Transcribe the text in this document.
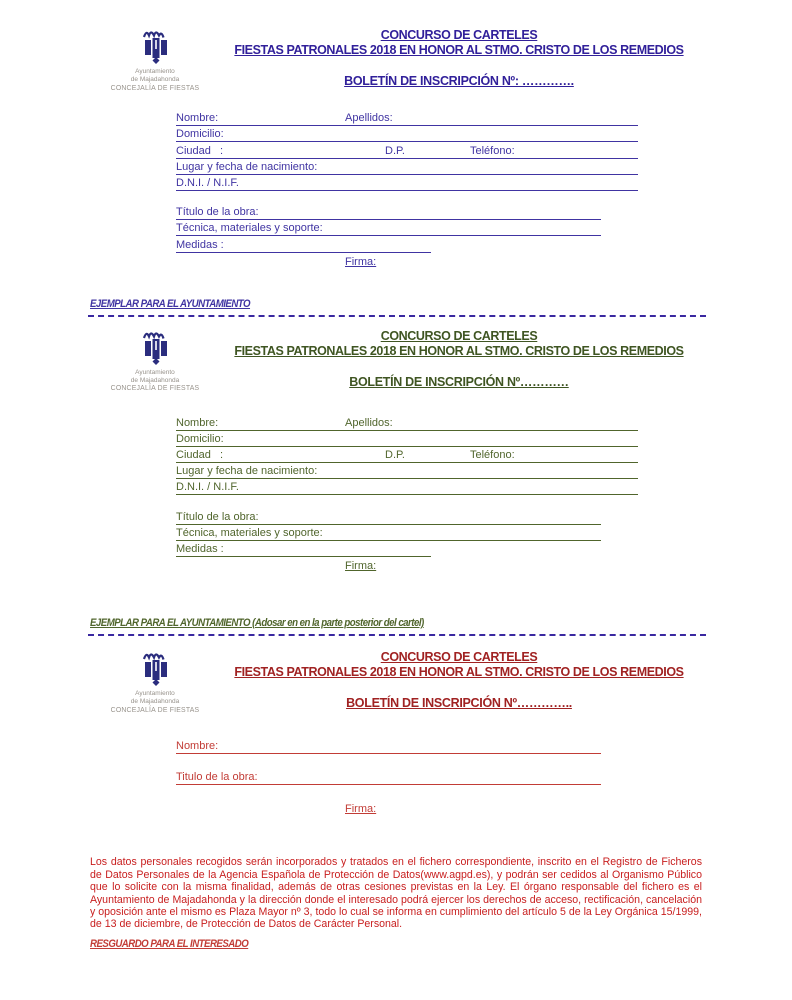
Ayuntamiento
de Majadahonda
CONCEJALÍA DE FIESTAS
CONCURSO DE CARTELES
FIESTAS PATRONALES 2018 EN HONOR AL STMO. CRISTO DE LOS REMEDIOS
BOLETÍN DE INSCRIPCIÓN Nº: ………….
Nombre:	Apellidos:
Domicilio:
Ciudad   :	D.P.	Teléfono:
Lugar y fecha de nacimiento:
D.N.I. / N.I.F.
Título de la obra:
Técnica, materiales y soporte:
Medidas :
Firma:
EJEMPLAR PARA EL AYUNTAMIENTO
Ayuntamiento
de Majadahonda
CONCEJALÍA DE FIESTAS
CONCURSO DE CARTELES
FIESTAS PATRONALES 2018 EN HONOR AL STMO. CRISTO DE LOS REMEDIOS
BOLETÍN DE INSCRIPCIÓN Nº…………
Nombre:	Apellidos:
Domicilio:
Ciudad   :	D.P.	Teléfono:
Lugar y fecha de nacimiento:
D.N.I. / N.I.F.
Título de la obra:
Técnica, materiales y soporte:
Medidas :
Firma:
EJEMPLAR PARA EL AYUNTAMIENTO (Adosar en en la parte posterior del cartel)
Ayuntamiento
de Majadahonda
CONCEJALÍA DE FIESTAS
CONCURSO DE CARTELES
FIESTAS PATRONALES 2018 EN HONOR AL STMO. CRISTO DE LOS REMEDIOS
BOLETÍN DE INSCRIPCIÓN Nº…………..
Nombre:
Titulo de la obra:
Firma:
Los datos personales recogidos serán incorporados y tratados en el fichero correspondiente, inscrito en el Registro de Ficheros de Datos Personales de la Agencia Española de Protección de Datos(www.agpd.es), y podrán ser cedidos al Organismo Público que lo solicite con la misma finalidad, además de otras cesiones previstas en la Ley. El órgano responsable del fichero es el Ayuntamiento de Majadahonda y la dirección donde el interesado podrá ejercer los derechos de acceso, rectificación, cancelación y oposición ante el mismo es Plaza Mayor nº 3, todo lo cual se informa en cumplimiento del artículo 5 de la Ley Orgánica 15/1999, de 13 de diciembre, de Protección de Datos de Carácter Personal.
RESGUARDO PARA EL INTERESADO
